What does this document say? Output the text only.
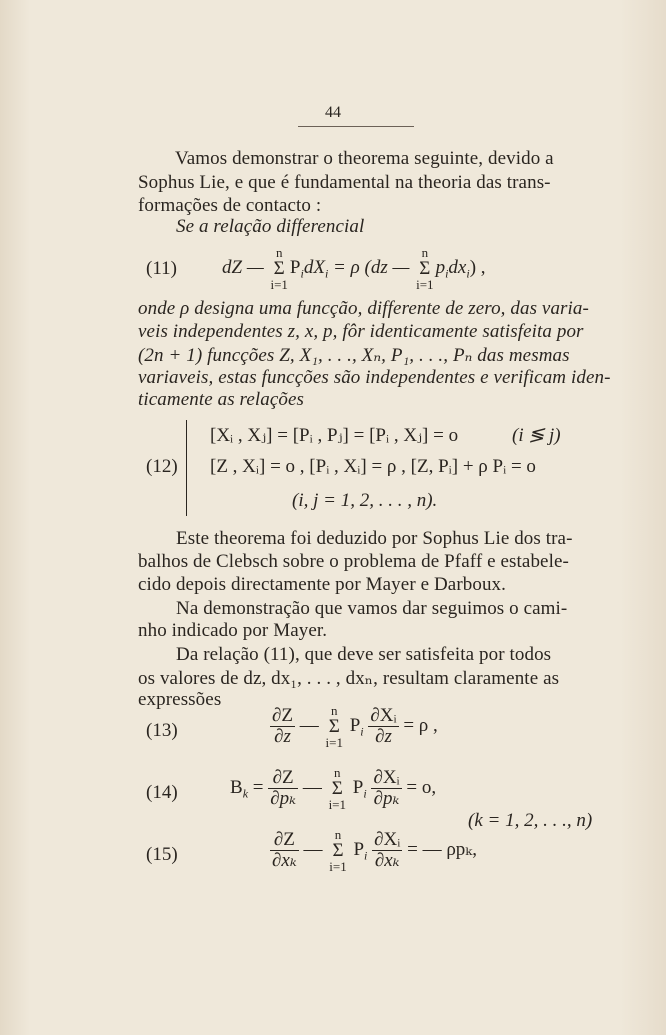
44
Vamos demonstrar o theorema seguinte, devido a
Sophus Lie, e que é fundamental na theoria das trans-
formações de contacto :
Se a relação differencial
(11) dZ — n
Σ
$i=1P_idX_i = \rho$ (dz — n
Σ
$i=1p_idx_i$) ,
onde ρ designa uma funcção, differente de zero, das varia-
veis independentes z, x, p, fôr identicamente satisfeita por
(2n + 1) funcções Z, X₁, . . ., Xₙ, P₁, . . ., Pₙ das mesmas
variaveis, estas funcções são independentes e verificam iden-
ticamente as relações
(12)
[Xᵢ , Xⱼ] = [Pᵢ , Pⱼ] = [Pᵢ , Xⱼ] = o	(i ≶ j)
[Z , Xᵢ] = o , [Pᵢ , Xᵢ] = ρ , [Z, Pᵢ] + ρ Pᵢ = o
(i, j = 1, 2, . . . , n).
Este theorema foi deduzido por Sophus Lie dos tra-
balhos de Clebsch sobre o problema de Pfaff e estabele-
cido depois directamente por Mayer e Darboux.
Na demonstração que vamos dar seguimos o cami-
nho indicado por Mayer.
Da relação (11), que deve ser satisfeita por todos
os valores de dz, dx₁, . . . , dxₙ, resultam claramente as
expressões
(13)	$\frac{\partial Z}{\partial z}$ — n
Σ
i=1 $P_i \frac{\text{∂Xᵢ}}{\partial z} = \rho$ ,
(14)	$B_k = \frac{\partial Z}{\text{∂pₖ}}$ — n
Σ
i=1 $P_i \frac{\text{∂Xᵢ}}{\text{∂pₖ}} = o$,
(k = 1, 2, . . ., n)
(15)	$\frac{\partial Z}{\text{∂xₖ}}$ — n
Σ
i=1 $P_i \frac{\text{∂Xᵢ}}{\text{∂xₖ}}$ = — ρpₖ,
